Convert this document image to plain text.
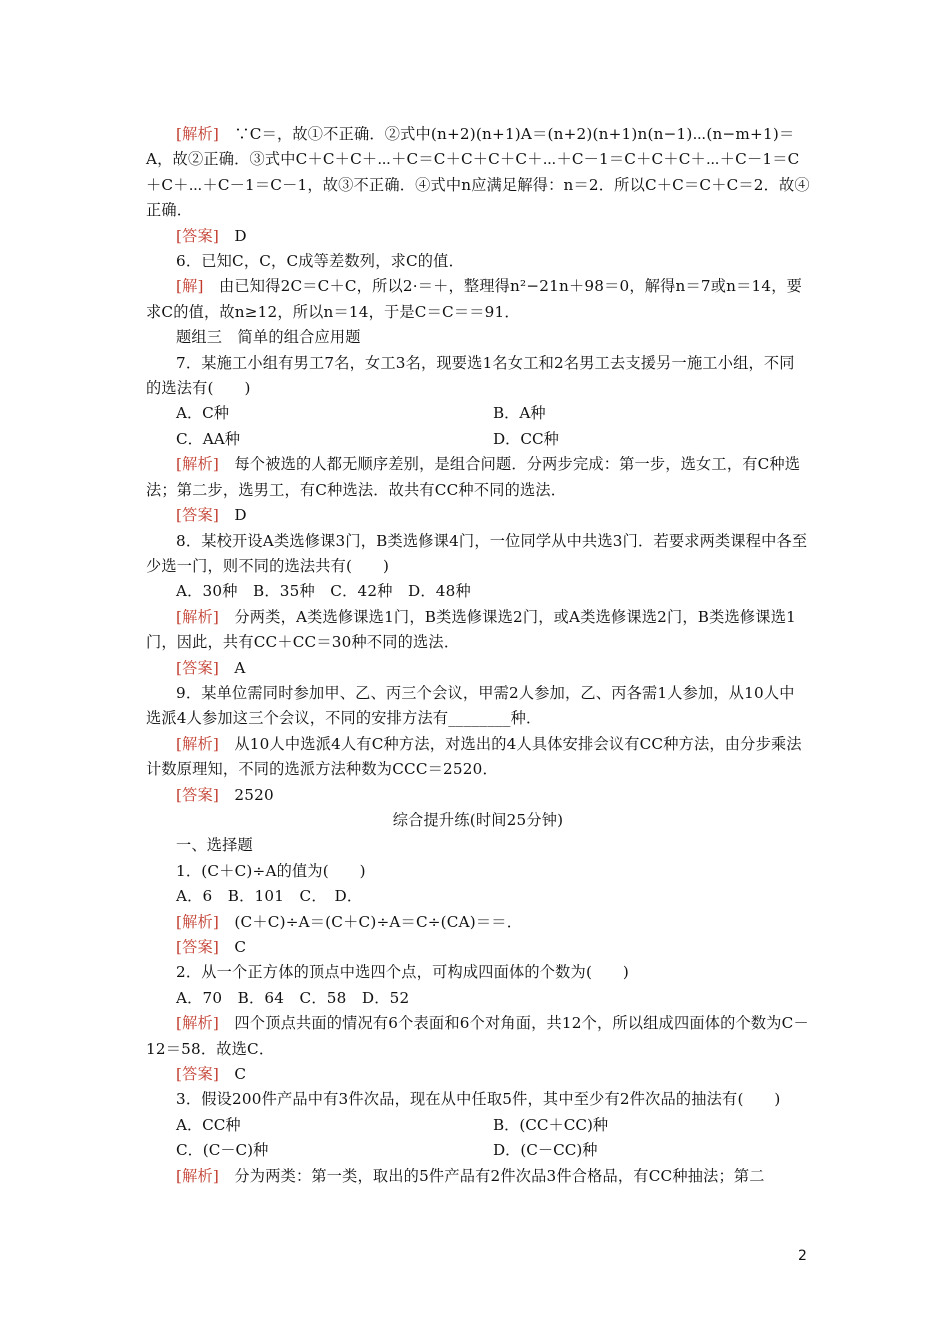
[解析]　∵C＝，故①不正确．②式中(n+2)(n+1)A＝(n+2)(n+1)n(n−1)⋯(n−m+1)＝A，故②正确．③式中C＋C＋C＋⋯＋C＝C＋C＋C＋C＋⋯＋C－1＝C＋C＋C＋⋯＋C－1＝C＋C＋⋯＋C－1＝C－1，故③不正确．④式中n应满足解得：n＝2．所以C＋C＝C＋C＝2．故④正确．

[答案]　D

6．已知C，C，C成等差数列，求C的值．

[解]　由已知得2C＝C＋C，所以2·＝＋，整理得n²−21n＋98＝0，解得n＝7或n＝14，要求C的值，故n≥12，所以n＝14，于是C＝C＝＝91．

题组三　简单的组合应用题

7．某施工小组有男工7名，女工3名，现要选1名女工和2名男工去支援另一施工小组，不同的选法有(　　)

A．C种	B．A种
C．AA种	D．CC种

[解析]　每个被选的人都无顺序差别，是组合问题．分两步完成：第一步，选女工，有C种选法；第二步，选男工，有C种选法．故共有CC种不同的选法．

[答案]　D

8．某校开设A类选修课3门，B类选修课4门，一位同学从中共选3门．若要求两类课程中各至少选一门，则不同的选法共有(　　)

A．30种　B．35种　C．42种　D．48种

[解析]　分两类，A类选修课选1门，B类选修课选2门，或A类选修课选2门，B类选修课选1门，因此，共有CC＋CC＝30种不同的选法．

[答案]　A

9．某单位需同时参加甲、乙、丙三个会议，甲需2人参加，乙、丙各需1人参加，从10人中选派4人参加这三个会议，不同的安排方法有________种．

[解析]　从10人中选派4人有C种方法，对选出的4人具体安排会议有CC种方法，由分步乘法计数原理知，不同的选派方法种数为CCC＝2520．

[答案]　2520

综合提升练(时间25分钟)

一、选择题

1．(C＋C)÷A的值为(　　)

A．6　B．101　C．　D．

[解析]　(C＋C)÷A＝(C＋C)÷A＝C÷(CA)＝＝．

[答案]　C

2．从一个正方体的顶点中选四个点，可构成四面体的个数为(　　)

A．70　B．64　C．58　D．52

[解析]　四个顶点共面的情况有6个表面和6个对角面，共12个，所以组成四面体的个数为C－12＝58．故选C．

[答案]　C

3．假设200件产品中有3件次品，现在从中任取5件，其中至少有2件次品的抽法有(　　)

A．CC种	B．(CC＋CC)种
C．(C－C)种	D．(C－CC)种

[解析]　分为两类：第一类，取出的5件产品有2件次品3件合格品，有CC种抽法；第二

2
